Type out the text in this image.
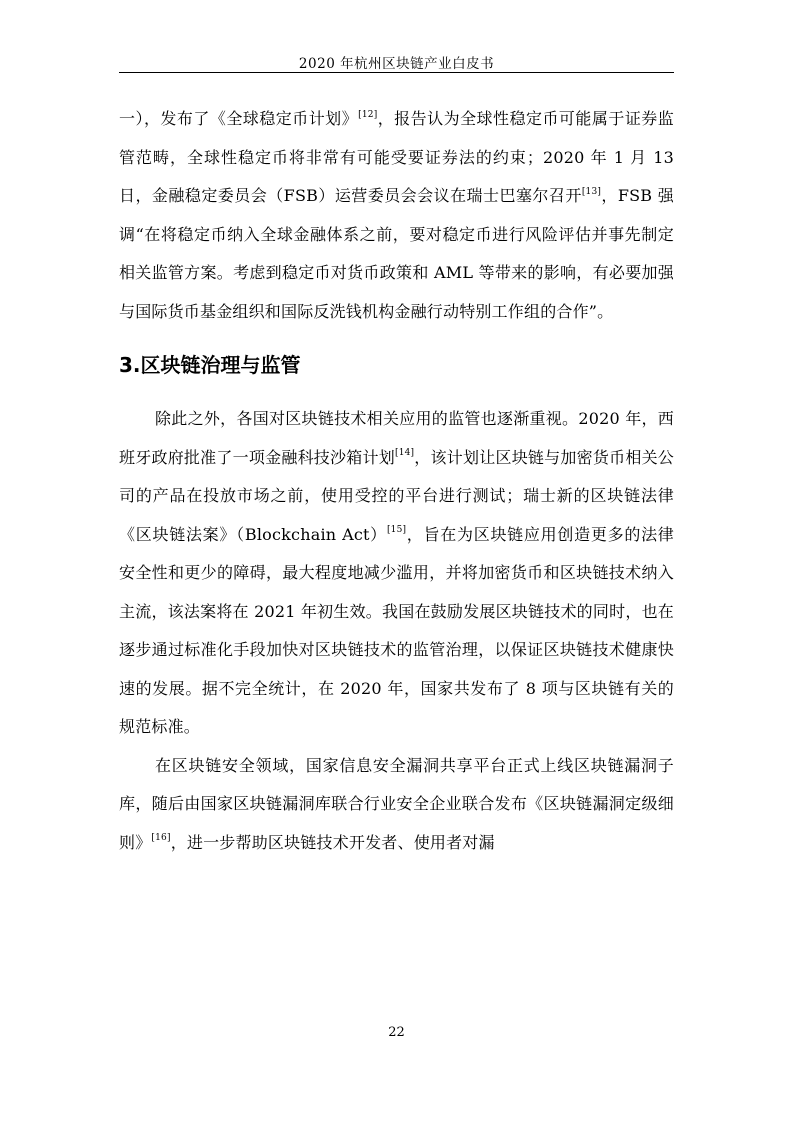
2020 年杭州区块链产业白皮书

一），发布了《全球稳定币计划》[12]，报告认为全球性稳定币可能属于证券监管范畴，全球性稳定币将非常有可能受要证券法的约束；2020 年 1 月 13 日，金融稳定委员会（FSB）运营委员会会议在瑞士巴塞尔召开[13]，FSB 强调“在将稳定币纳入全球金融体系之前，要对稳定币进行风险评估并事先制定相关监管方案。考虑到稳定币对货币政策和 AML 等带来的影响，有必要加强与国际货币基金组织和国际反洗钱机构金融行动特别工作组的合作”。

3.区块链治理与监管

除此之外，各国对区块链技术相关应用的监管也逐渐重视。2020 年，西班牙政府批准了一项金融科技沙箱计划[14]，该计划让区块链与加密货币相关公司的产品在投放市场之前，使用受控的平台进行测试；瑞士新的区块链法律《区块链法案》（Blockchain Act）[15]，旨在为区块链应用创造更多的法律安全性和更少的障碍，最大程度地减少滥用，并将加密货币和区块链技术纳入主流，该法案将在 2021 年初生效。我国在鼓励发展区块链技术的同时，也在逐步通过标准化手段加快对区块链技术的监管治理，以保证区块链技术健康快速的发展。据不完全统计，在 2020 年，国家共发布了 8 项与区块链有关的规范标准。

在区块链安全领域，国家信息安全漏洞共享平台正式上线区块链漏洞子库，随后由国家区块链漏洞库联合行业安全企业联合发布《区块链漏洞定级细则》[16]，进一步帮助区块链技术开发者、使用者对漏

22
